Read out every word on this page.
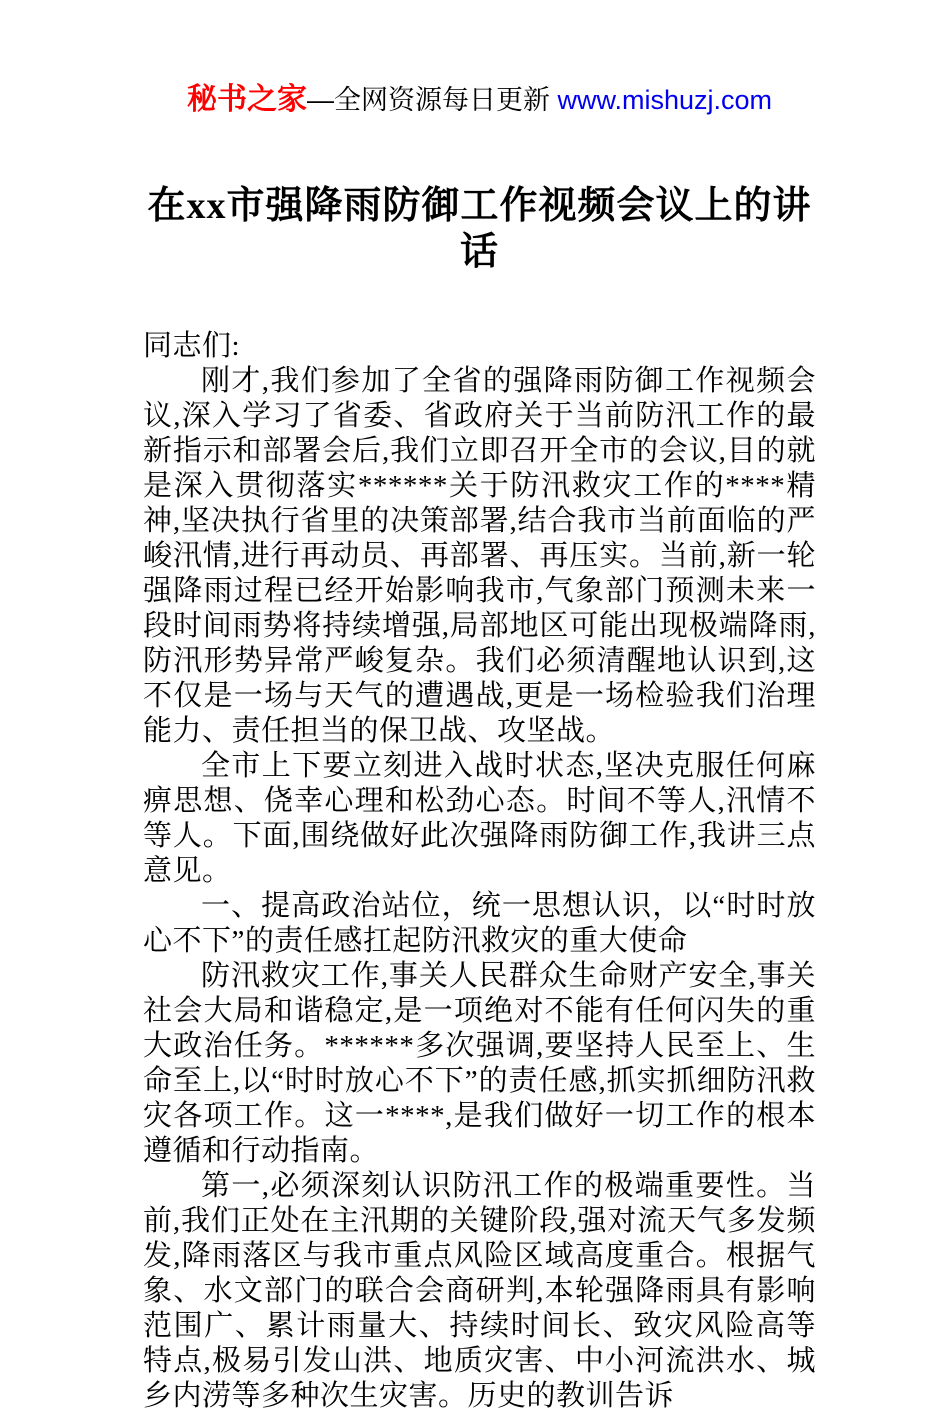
秘书之家—全网资源每日更新 www.mishuzj.com
在xx市强降雨防御工作视频会议上的讲话

同志们:

刚才,我们参加了全省的强降雨防御工作视频会议,深入学习了省委、省政府关于当前防汛工作的最新指示和部署会后,我们立即召开全市的会议,目的就是深入贯彻落实******关于防汛救灾工作的****精神,坚决执行省里的决策部署,结合我市当前面临的严峻汛情,进行再动员、再部署、再压实。当前,新一轮强降雨过程已经开始影响我市,气象部门预测未来一段时间雨势将持续增强,局部地区可能出现极端降雨,防汛形势异常严峻复杂。我们必须清醒地认识到,这不仅是一场与天气的遭遇战,更是一场检验我们治理能力、责任担当的保卫战、攻坚战。

全市上下要立刻进入战时状态,坚决克服任何麻痹思想、侥幸心理和松劲心态。时间不等人,汛情不等人。下面,围绕做好此次强降雨防御工作,我讲三点意见。

一、提高政治站位，统一思想认识，以“时时放心不下”的责任感扛起防汛救灾的重大使命

防汛救灾工作,事关人民群众生命财产安全,事关社会大局和谐稳定,是一项绝对不能有任何闪失的重大政治任务。******多次强调,要坚持人民至上、生命至上,以“时时放心不下”的责任感,抓实抓细防汛救灾各项工作。这一****,是我们做好一切工作的根本遵循和行动指南。

第一,必须深刻认识防汛工作的极端重要性。当前,我们正处在主汛期的关键阶段,强对流天气多发频发,降雨落区与我市重点风险区域高度重合。根据气象、水文部门的联合会商研判,本轮强降雨具有影响范围广、累计雨量大、持续时间长、致灾风险高等特点,极易引发山洪、地质灾害、中小河流洪水、城乡内涝等多种次生灾害。历史的教训告诉
